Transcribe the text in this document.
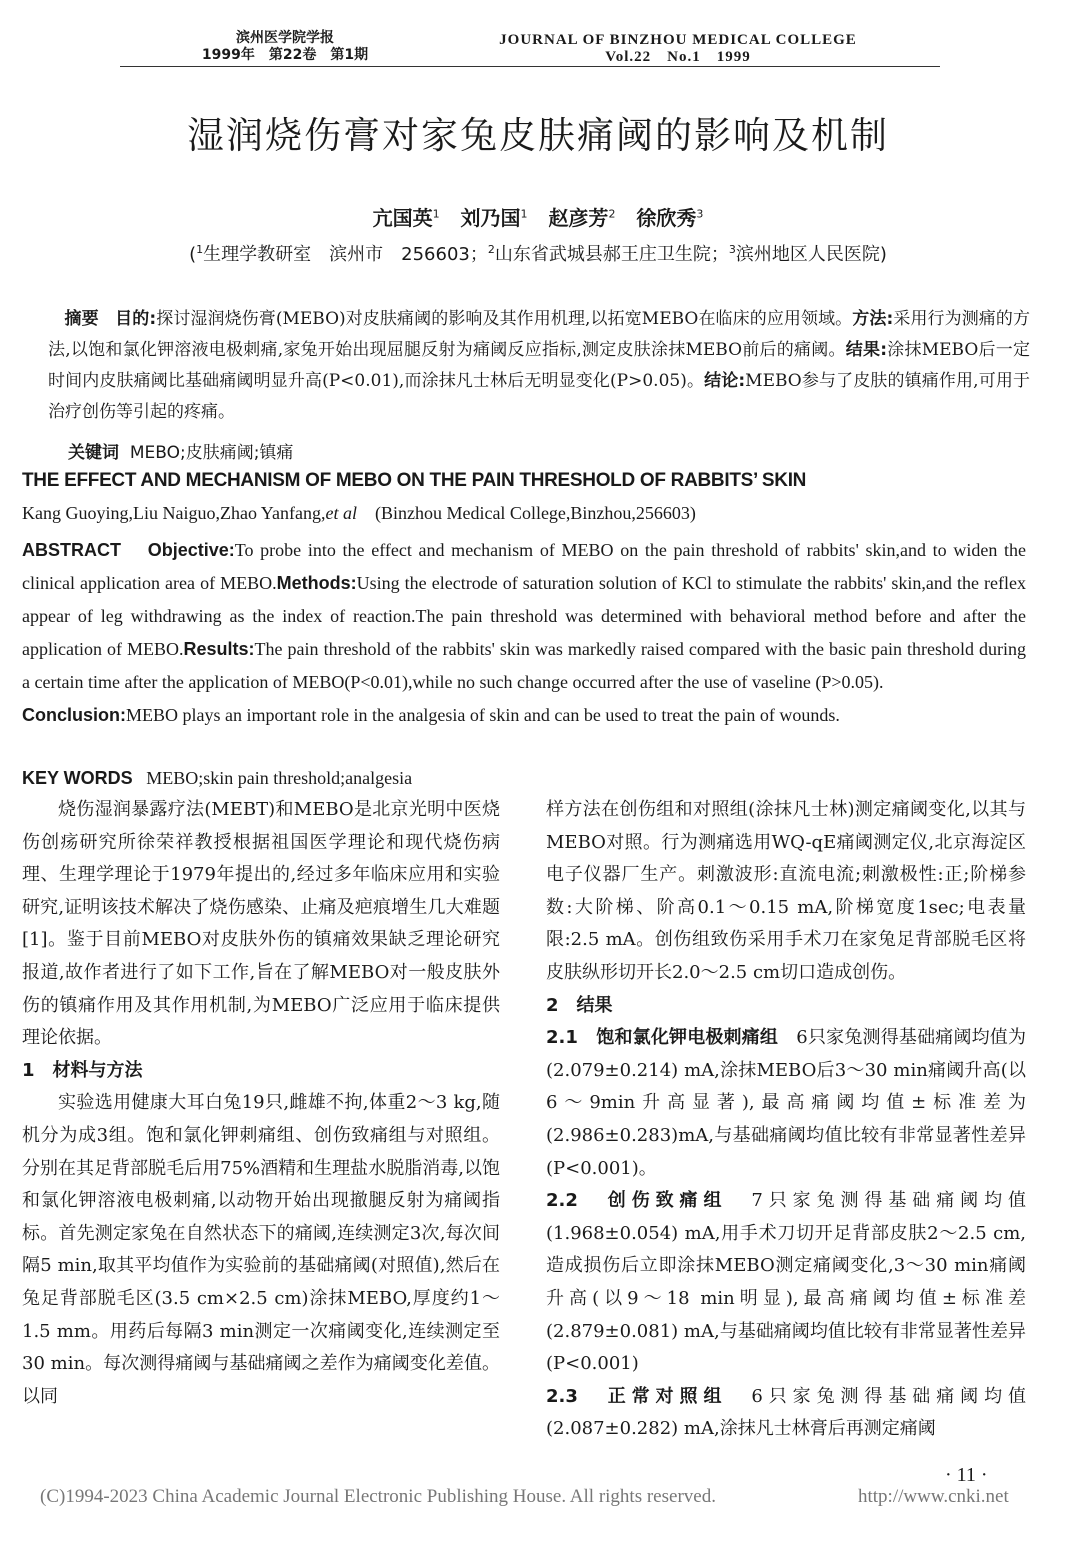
滨州医学院学报
1999年　第22卷　第1期
JOURNAL OF BINZHOU MEDICAL COLLEGE
Vol.22　No.1　1999
湿润烧伤膏对家兔皮肤痛阈的影响及机制
亢国英$^1$ 刘乃国$^1$ 赵彦芳$^2$ 徐欣秀$^3$
($^1$生理学教研室　滨州市　256603；$^2$山东省武城县郝王庄卫生院；$^3$滨州地区人民医院)
摘要 目的:探讨湿润烧伤膏(MEBO)对皮肤痛阈的影响及其作用机理,以拓宽MEBO在临床的应用领域。方法:采用行为测痛的方法,以饱和氯化钾溶液电极刺痛,家兔开始出现屈腿反射为痛阈反应指标,测定皮肤涂抹MEBO前后的痛阈。结果:涂抹MEBO后一定时间内皮肤痛阈比基础痛阈明显升高(P<0.01),而涂抹凡士林后无明显变化(P>0.05)。结论:MEBO参与了皮肤的镇痛作用,可用于治疗创伤等引起的疼痛。
关键词 MEBO;皮肤痛阈;镇痛
THE EFFECT AND MECHANISM OF MEBO ON THE PAIN THRESHOLD OF RABBITS’ SKIN
Kang Guoying,Liu Naiguo,Zhao Yanfang,et al (Binzhou Medical College,Binzhou,256603)
ABSTRACT Objective:To probe into the effect and mechanism of MEBO on the pain threshold of rabbits' skin,and to widen the clinical application area of MEBO.Methods:Using the electrode of saturation solution of KCl to stimulate the rabbits' skin,and the reflex appear of leg withdrawing as the index of reaction.The pain threshold was determined with behavioral method before and after the application of MEBO.Results:The pain threshold of the rabbits' skin was markedly raised compared with the basic pain threshold during a certain time after the application of MEBO(P<0.01),while no such change occurred after the use of vaseline (P>0.05).
Conclusion:MEBO plays an important role in the analgesia of skin and can be used to treat the pain of wounds.
KEY WORDS MEBO;skin pain threshold;analgesia

烧伤湿润暴露疗法(MEBT)和MEBO是北京光明中医烧伤创疡研究所徐荣祥教授根据祖国医学理论和现代烧伤病理、生理学理论于1979年提出的,经过多年临床应用和实验研究,证明该技术解决了烧伤感染、止痛及疤痕增生几大难题[1]。鉴于目前MEBO对皮肤外伤的镇痛效果缺乏理论研究报道,故作者进行了如下工作,旨在了解MEBO对一般皮肤外伤的镇痛作用及其作用机制,为MEBO广泛应用于临床提供理论依据。

1　材料与方法

实验选用健康大耳白兔19只,雌雄不拘,体重2～3 kg,随机分为成3组。饱和氯化钾刺痛组、创伤致痛组与对照组。分别在其足背部脱毛后用75%酒精和生理盐水脱脂消毒,以饱和氯化钾溶液电极刺痛,以动物开始出现撤腿反射为痛阈指标。首先测定家兔在自然状态下的痛阈,连续测定3次,每次间隔5 min,取其平均值作为实验前的基础痛阈(对照值),然后在兔足背部脱毛区(3.5 cm×2.5 cm)涂抹MEBO,厚度约1～1.5 mm。用药后每隔3 min测定一次痛阈变化,连续测定至30 min。每次测得痛阈与基础痛阈之差作为痛阈变化差值。以同

样方法在创伤组和对照组(涂抹凡士林)测定痛阈变化,以其与MEBO对照。行为测痛选用WQ-qE痛阈测定仪,北京海淀区电子仪器厂生产。刺激波形:直流电流;刺激极性:正;阶梯参数:大阶梯、阶高0.1～0.15 mA,阶梯宽度1sec;电表量限:2.5 mA。创伤组致伤采用手术刀在家兔足背部脱毛区将皮肤纵形切开长2.0～2.5 cm切口造成创伤。

2　结果

2.1　饱和氯化钾电极刺痛组　6只家兔测得基础痛阈均值为(2.079±0.214) mA,涂抹MEBO后3～30 min痛阈升高(以6～9min升高显著),最高痛阈均值±标准差为(2.986±0.283)mA,与基础痛阈均值比较有非常显著性差异(P<0.001)。

2.2　创伤致痛组　7只家兔测得基础痛阈均值(1.968±0.054) mA,用手术刀切开足背部皮肤2～2.5 cm,造成损伤后立即涂抹MEBO测定痛阈变化,3～30 min痛阈升高(以9～18 min明显),最高痛阈均值±标准差(2.879±0.081) mA,与基础痛阈均值比较有非常显著性差异(P<0.001)

2.3　正常对照组　6只家兔测得基础痛阈均值(2.087±0.282) mA,涂抹凡士林膏后再测定痛阈

· 11 ·
(C)1994-2023 China Academic Journal Electronic Publishing House. All rights reserved.	http://www.cnki.net
